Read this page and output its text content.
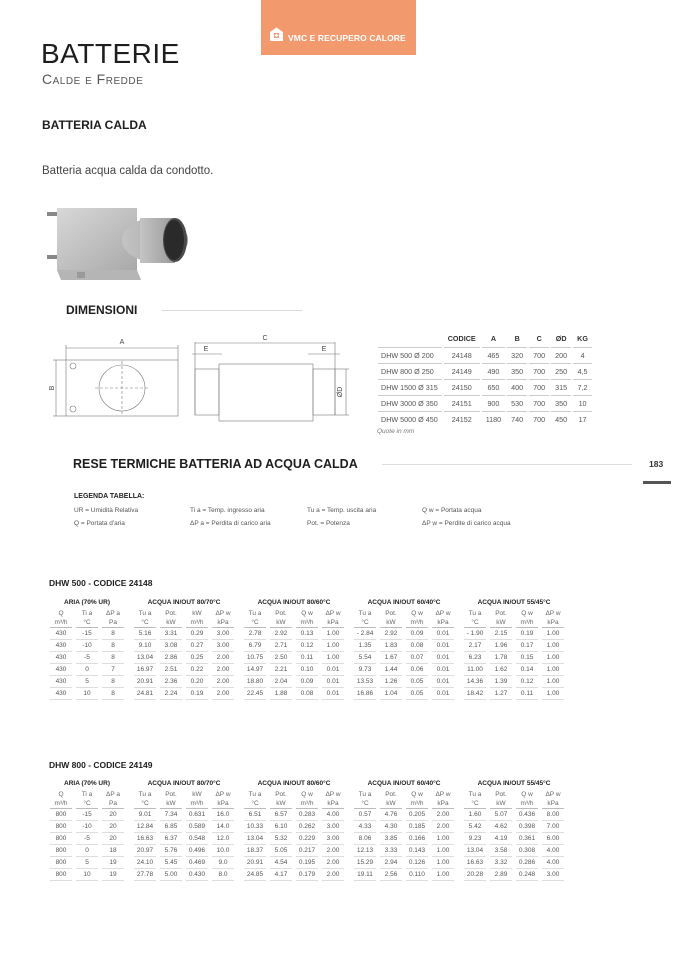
VMC E RECUPERO CALORE
BATTERIE
Calde e Fredde
BATTERIA CALDA
Batteria acqua calda da condotto.
DIMENSIONI
A
B
C
E	E
ØD
	CODICE	A	B	C	ØD	KG
DHW 500 Ø 200	24148	465	320	700	200	4
DHW 800 Ø 250	24149	490	350	700	250	4,5
DHW 1500 Ø 315	24150	650	400	700	315	7,2
DHW 3000 Ø 350	24151	900	530	700	350	10
DHW 5000 Ø 450	24152	1180	740	700	450	17
Quote in mm
RESE TERMICHE BATTERIA AD ACQUA CALDA	183
LEGENDA TABELLA:
UR = Umidità Relativa	Ti a = Temp. ingresso aria	Tu a = Temp. uscita aria	Q w = Portata acqua
Q = Portata d'aria	ΔP a = Perdita di carico aria	Pot. = Potenza	ΔP w = Perdite di carico acqua
DHW 500 - CODICE 24148
ARIA (70% UR)				ACQUA IN/OUT 80/70°C					ACQUA IN/OUT 80/60°C					ACQUA IN/OUT 60/40°C					ACQUA IN/OUT 55/45°C			
Q	Ti a	ΔP a		Tu a	Pot.	kW	ΔP w		Tu a	Pot.	Q w	ΔP w		Tu a	Pot.	Q w	ΔP w		Tu a	Pot.	Q w	ΔP w
m³/h	°C	Pa		°C	kW	m³/h	kPa		°C	kW	m³/h	kPa		°C	kW	m³/h	kPa		°C	kW	m³/h	kPa
430	-15	8		5.16	3.31	0.29	3.00		2.78	2.92	0.13	1.00		- 2.84	2.92	0.09	0.01		- 1.90	2.15	0.19	1.00
430	-10	8		9.10	3.08	0.27	3.00		6.79	2.71	0.12	1.00		1.35	1.83	0.08	0.01		2.17	1.96	0.17	1.00
430	-5	8		13.04	2.86	0.25	2.00		10.75	2.50	0.11	1.00		5.54	1.67	0.07	0.01		6.23	1.78	0.15	1.00
430	0	7		16.97	2.51	0.22	2.00		14.97	2.21	0.10	0.01		9.73	1.44	0.06	0.01		11.00	1.62	0.14	1.00
430	5	8		20.91	2.36	0.20	2.00		18.80	2.04	0.09	0.01		13.53	1.26	0.05	0.01		14.36	1.39	0.12	1.00
430	10	8		24.81	2.24	0.19	2.00		22.45	1.88	0.08	0.01		16.86	1.04	0.05	0.01		18.42	1.27	0.11	1.00
DHW 800 - CODICE 24149
ARIA (70% UR)				ACQUA IN/OUT 80/70°C					ACQUA IN/OUT 80/60°C					ACQUA IN/OUT 60/40°C					ACQUA IN/OUT 55/45°C			
Q	Ti a	ΔP a		Tu a	Pot.	kW	ΔP w		Tu a	Pot.	Q w	ΔP w		Tu a	Pot.	Q w	ΔP w		Tu a	Pot.	Q w	ΔP w
m³/h	°C	Pa		°C	kW	m³/h	kPa		°C	kW	m³/h	kPa		°C	kW	m³/h	kPa		°C	kW	m³/h	kPa
800	-15	20		9.01	7.34	0.631	16.0		6.51	6.57	0.283	4.00		0.57	4.76	0.205	2.00		1.60	5.07	0.436	8.00
800	-10	20		12.84	6.85	0.589	14.0		10.33	6.10	0.262	3.00		4.33	4.30	0.185	2.00		5.42	4.62	0.398	7.00
800	-5	20		16.63	6.37	0.548	12.0		13.04	5.32	0.229	3.00		8.06	3.85	0.166	1.00		9.23	4.19	0.361	6.00
800	0	18		20.97	5.76	0.496	10.0		18.37	5.05	0.217	2.00		12.13	3.33	0.143	1.00		13.04	3.58	0.308	4.00
800	5	19		24.10	5.45	0.469	9.0		20.91	4.54	0.195	2.00		15.29	2.94	0.126	1.00		16.63	3.32	0.286	4.00
800	10	19		27.78	5.00	0.430	8.0		24.85	4.17	0.179	2.00		19.11	2.56	0.110	1.00		20.28	2.89	0.248	3.00
